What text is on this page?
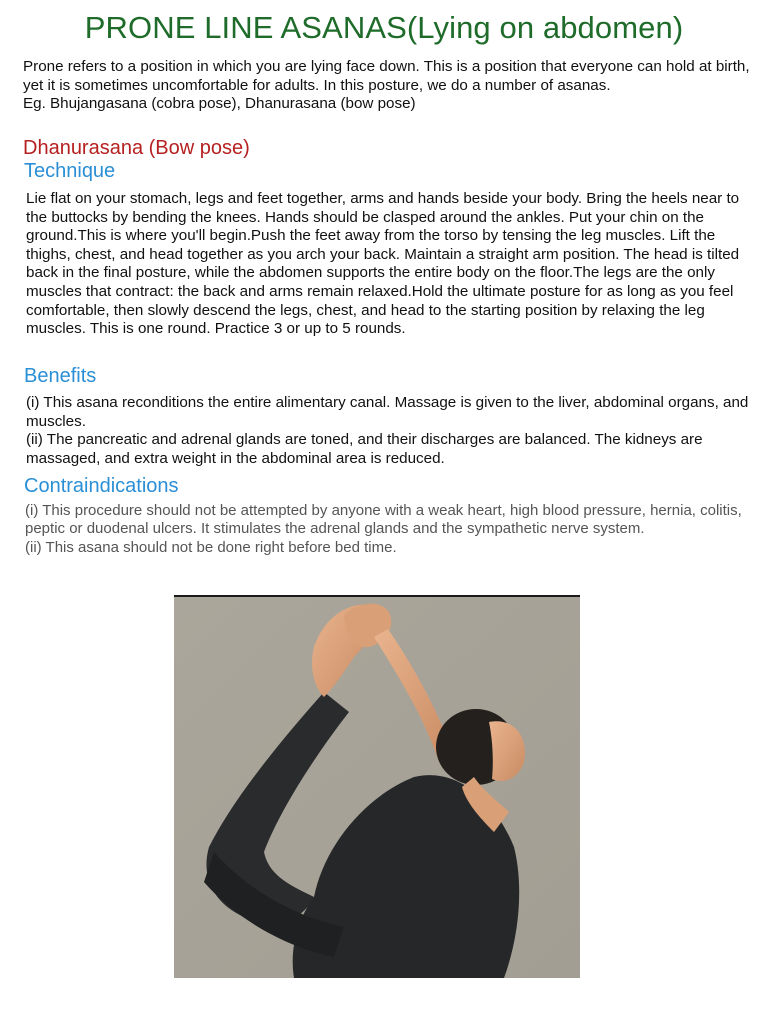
PRONE LINE ASANAS(Lying on abdomen)

Prone refers to a position in which you are lying face down. This is a position that everyone can hold at birth, yet it is sometimes uncomfortable for adults. In this posture, we do a number of asanas.

Eg. Bhujangasana (cobra pose), Dhanurasana (bow pose)

Dhanurasana (Bow pose)
Technique

Lie flat on your stomach, legs and feet together, arms and hands beside your body. Bring the heels near to the buttocks by bending the knees. Hands should be clasped around the ankles. Put your chin on the ground.This is where you'll begin.Push the feet away from the torso by tensing the leg muscles. Lift the thighs, chest, and head together as you arch your back. Maintain a straight arm position. The head is tilted back in the final posture, while the abdomen supports the entire body on the floor.The legs are the only muscles that contract: the back and arms remain relaxed.Hold the ultimate posture for as long as you feel comfortable, then slowly descend the legs, chest, and head to the starting position by relaxing the leg muscles. This is one round. Practice 3 or up to 5 rounds.

Benefits

(i) This asana reconditions the entire alimentary canal. Massage is given to the liver, abdominal organs, and muscles.

(ii) The pancreatic and adrenal glands are toned, and their discharges are balanced. The kidneys are massaged, and extra weight in the abdominal area is reduced.

Contraindications

(i) This procedure should not be attempted by anyone with a weak heart, high blood pressure, hernia, colitis, peptic or duodenal ulcers. It stimulates the adrenal glands and the sympathetic nerve system.

(ii) This asana should not be done right before bed time.
